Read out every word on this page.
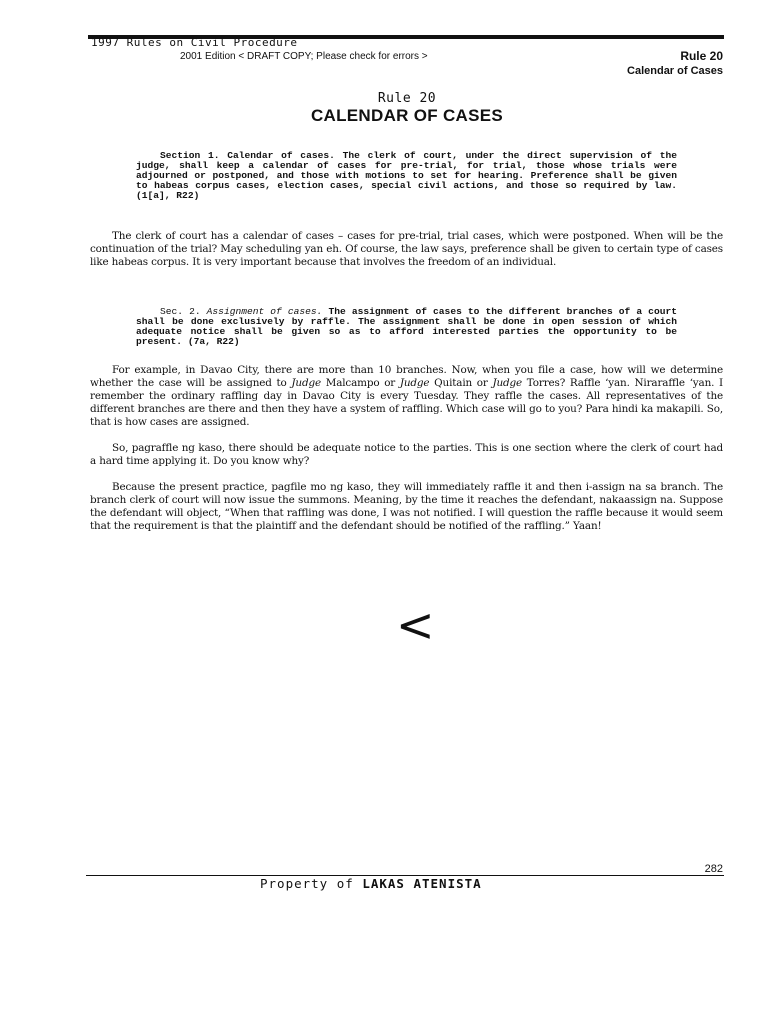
1997 Rules on Civil Procedure
2001 Edition < DRAFT COPY; Please check for errors >	Rule 20
Calendar of Cases
Rule 20
CALENDAR OF CASES
Section 1. Calendar of cases. The clerk of court, under the direct supervision of the judge, shall keep a calendar of cases for pre-trial, for trial, those whose trials were adjourned or postponed, and those with motions to set for hearing. Preference shall be given to habeas corpus cases, election cases, special civil actions, and those so required by law. (1[a], R22)
The clerk of court has a calendar of cases – cases for pre-trial, trial cases, which were postponed. When will be the continuation of the trial? May scheduling yan eh. Of course, the law says, preference shall be given to certain type of cases like habeas corpus. It is very important because that involves the freedom of an individual.
Sec. 2. Assignment of cases. The assignment of cases to the different branches of a court shall be done exclusively by raffle. The assignment shall be done in open session of which adequate notice shall be given so as to afford interested parties the opportunity to be present. (7a, R22)
For example, in Davao City, there are more than 10 branches. Now, when you file a case, how will we determine whether the case will be assigned to Judge Malcampo or Judge Quitain or Judge Torres? Raffle ‘yan. Niraraffle ‘yan. I remember the ordinary raffling day in Davao City is every Tuesday. They raffle the cases. All representatives of the different branches are there and then they have a system of raffling. Which case will go to you? Para hindi ka makapili. So, that is how cases are assigned.
So, pagraffle ng kaso, there should be adequate notice to the parties. This is one section where the clerk of court had a hard time applying it. Do you know why?
Because the present practice, pagfile mo ng kaso, they will immediately raffle it and then i-assign na sa branch. The branch clerk of court will now issue the summons. Meaning, by the time it reaches the defendant, nakaassign na. Suppose the defendant will object, “When that raffling was done, I was not notified. I will question the raffle because it would seem that the requirement is that the plaintiff and the defendant should be notified of the raffling.” Yaan!
<
282
Property of LAKAS ATENISTA
